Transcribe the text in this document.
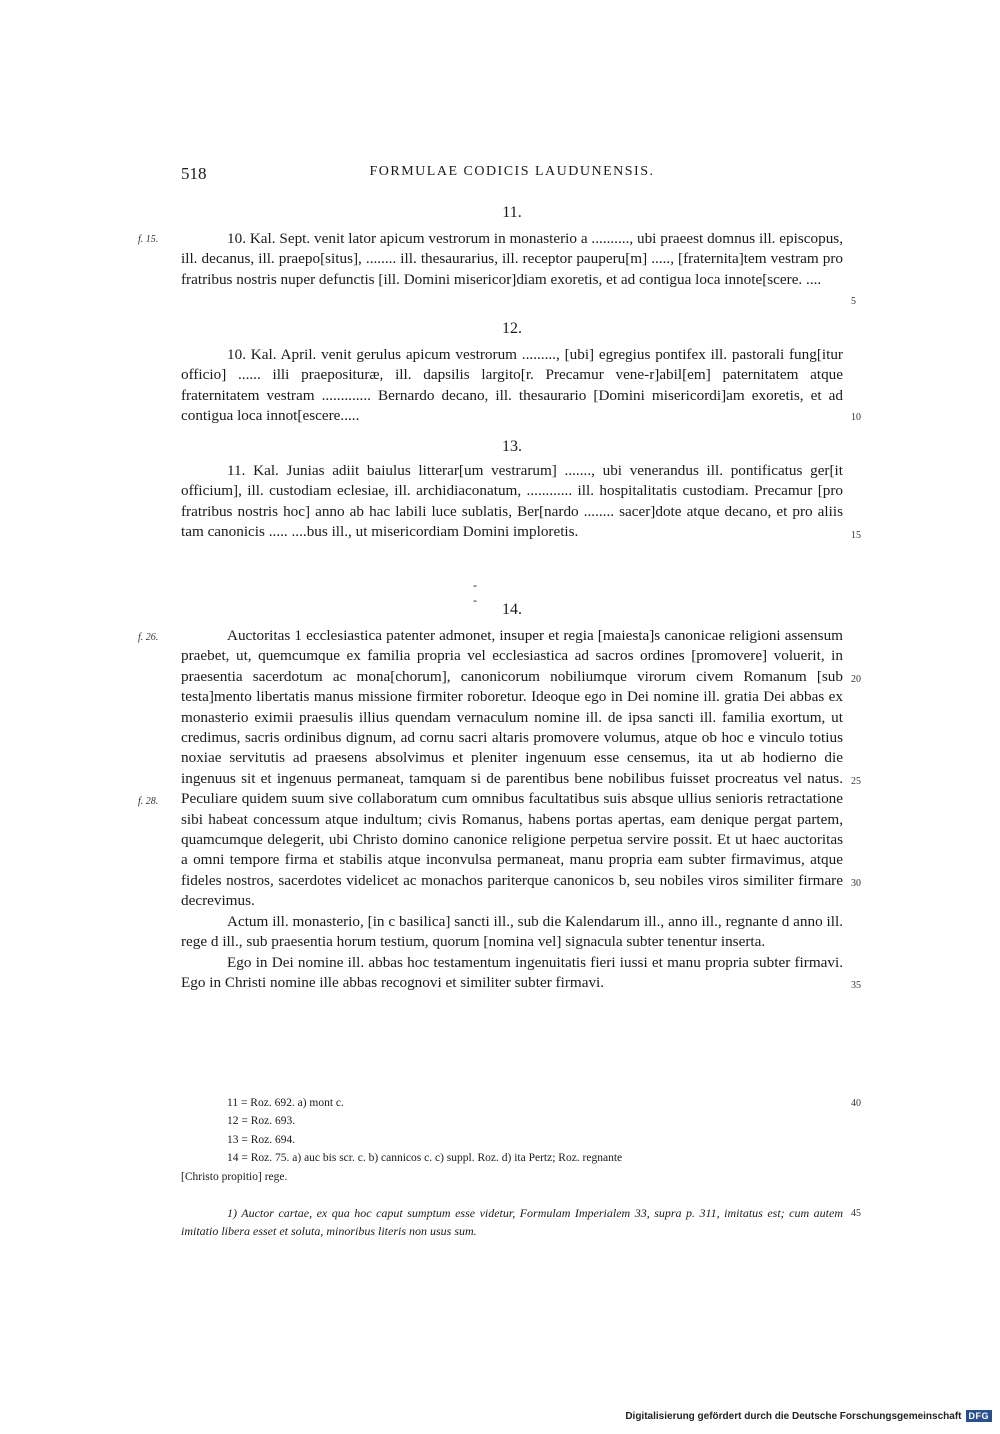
518	FORMULAE CODICIS LAUDUNENSIS.
11.
f. 15.	10. Kal. Sept. venit lator apicum vestrorum in monasterio a .........., ubi praeest domnus ill. episcopus, ill. decanus, ill. praepo[situs], ........ ill. thesaurarius, ill. receptor pauperu[m] ....., [fraternita]tem vestram pro fratribus nostris nuper defunctis [ill. Domini misericor]diam exoretis, et ad contigua loca innote[scere. ....
5
12.
10. Kal. April. venit gerulus apicum vestrorum ........., [ubi] egregius pontifex ill. pastorali fung[itur officio] ...... illi praeposituræ, ill. dapsilis largito[r. Precamur vene-r]abil[em] paternitatem atque fraternitatem vestram ............. Bernardo decano, ill. thesaurario [Domini misericordi]am exoretis, et ad contigua loca innot[escere.....	10
13.
11. Kal. Junias adiit baiulus litterar[um vestrarum] ......., ubi venerandus ill. pontificatus ger[it officium], ill. custodiam eclesiae, ill. archidiaconatum, ............ ill. hospitalitatis custodiam. Precamur [pro fratribus nostris hoc] anno ab hac labili luce sublatis, Ber[nardo ........ sacer]dote atque decano, et pro aliis tam canonicis ..... ....bus ill., ut misericordiam Domini imploretis.	15
- -
14.
f. 26.
f. 28.
Auctoritas 1 ecclesiastica patenter admonet, insuper et regia [maiesta]s canonicae religioni assensum praebet, ut, quemcumque ex familia propria vel ecclesiastica ad sacros ordines [promovere] voluerit, in praesentia sacerdotum ac mona[chorum], canonicorum nobiliumque virorum civem Romanum [sub testa]mento libertatis manus missione firmiter roboretur. Ideoque ego in Dei nomine ill. gratia Dei abbas ex monasterio eximii praesulis illius quendam vernaculum nomine ill. de ipsa sancti ill. familia exortum, ut credimus, sacris ordinibus dignum, ad cornu sacri altaris promovere volumus, atque ob hoc e vinculo totius noxiae servitutis ad praesens absolvimus et pleniter ingenuum esse censemus, ita ut ab hodierno die ingenuus sit et ingenuus permaneat, tamquam si de parentibus bene nobilibus fuisset procreatus vel natus. Peculiare quidem suum sive collaboratum cum omnibus facultatibus suis absque ullius senioris retractatione sibi habeat concessum atque indultum; civis Romanus, habens portas apertas, eam denique pergat partem, quamcumque delegerit, ubi Christo domino canonice religione perpetua servire possit. Et ut haec auctoritas a omni tempore firma et stabilis atque inconvulsa permaneat, manu propria eam subter firmavimus, atque fideles nostros, sacerdotes videlicet ac monachos pariterque canonicos b, seu nobiles viros similiter firmare decrevimus.
Actum ill. monasterio, [in c basilica] sancti ill., sub die Kalendarum ill., anno ill., regnante d anno ill. rege d ill., sub praesentia horum testium, quorum [nomina vel] signacula subter tenentur inserta.
Ego in Dei nomine ill. abbas hoc testamentum ingenuitatis fieri iussi et manu propria subter firmavi. Ego in Christi nomine ille abbas recognovi et similiter subter firmavi.
20
25
30
35
11 = Roz. 692. a) mont c.
12 = Roz. 693.
13 = Roz. 694.
14 = Roz. 75. a) auc bis scr. c. b) cannicos c. c) suppl. Roz. d) ita Pertz; Roz. regnante
[Christo propitio] rege.
40
1) Auctor cartae, ex qua hoc caput sumptum esse videtur, Formulam Imperialem 33, supra p. 311, imitatus est; cum autem imitatio libera esset et soluta, minoribus literis non usus sum.
45
Digitalisierung gefördert durch die Deutsche Forschungsgemeinschaft DFG
